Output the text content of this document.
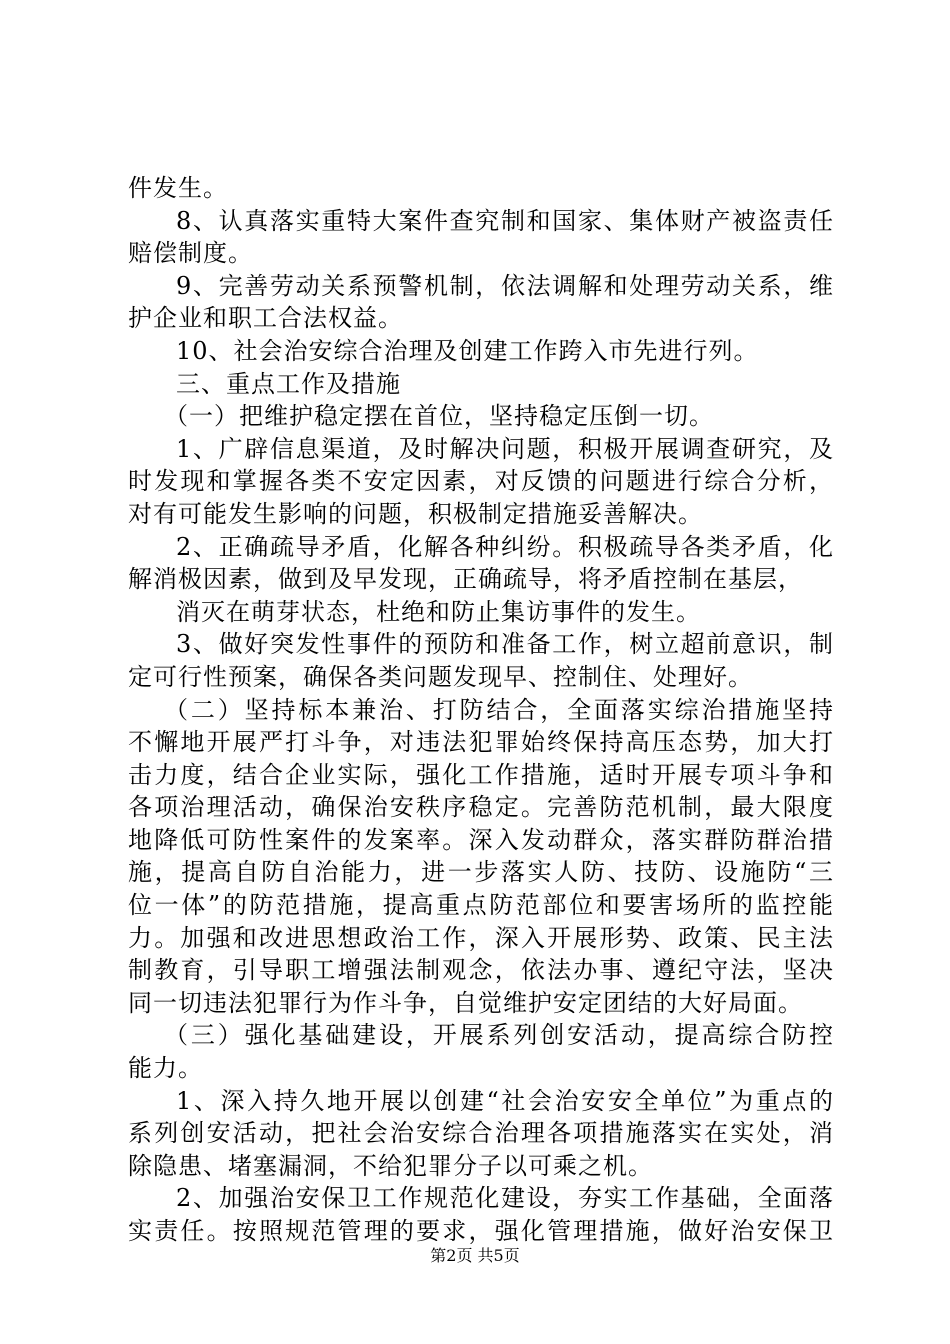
件发生。

8、认真落实重特大案件查究制和国家、集体财产被盗责任

赔偿制度。

9、完善劳动关系预警机制，依法调解和处理劳动关系，维

护企业和职工合法权益。

10、社会治安综合治理及创建工作跨入市先进行列。

三、重点工作及措施

（一）把维护稳定摆在首位，坚持稳定压倒一切。

1、广辟信息渠道，及时解决问题，积极开展调查研究，及

时发现和掌握各类不安定因素，对反馈的问题进行综合分析，

对有可能发生影响的问题，积极制定措施妥善解决。

2、正确疏导矛盾，化解各种纠纷。积极疏导各类矛盾，化

解消极因素，做到及早发现，正确疏导，将矛盾控制在基层，

消灭在萌芽状态，杜绝和防止集访事件的发生。

3、做好突发性事件的预防和准备工作，树立超前意识，制

定可行性预案，确保各类问题发现早、控制住、处理好。

（二）坚持标本兼治、打防结合，全面落实综治措施坚持

不懈地开展严打斗争，对违法犯罪始终保持高压态势，加大打

击力度，结合企业实际，强化工作措施，适时开展专项斗争和

各项治理活动，确保治安秩序稳定。完善防范机制，最大限度

地降低可防性案件的发案率。深入发动群众，落实群防群治措

施，提高自防自治能力，进一步落实人防、技防、设施防“三

位一体”的防范措施，提高重点防范部位和要害场所的监控能

力。加强和改进思想政治工作，深入开展形势、政策、民主法

制教育，引导职工增强法制观念，依法办事、遵纪守法，坚决

同一切违法犯罪行为作斗争，自觉维护安定团结的大好局面。

（三）强化基础建设，开展系列创安活动，提高综合防控

能力。

1、深入持久地开展以创建“社会治安安全单位”为重点的

系列创安活动，把社会治安综合治理各项措施落实在实处，消

除隐患、堵塞漏洞，不给犯罪分子以可乘之机。

2、加强治安保卫工作规范化建设，夯实工作基础，全面落

实责任。按照规范管理的要求，强化管理措施，做好治安保卫

第2页 共5页
